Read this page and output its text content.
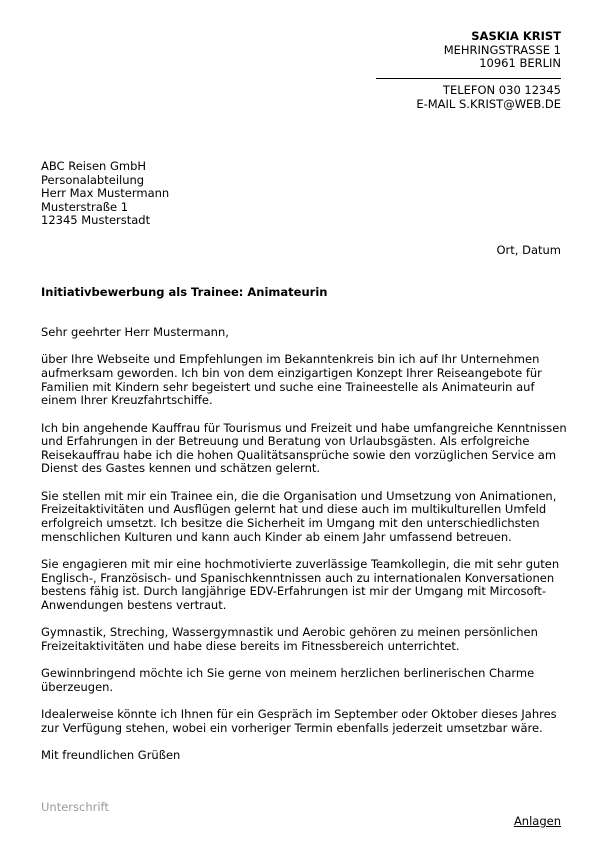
SASKIA KRIST
MEHRINGSTRASSE 1
10961 BERLIN
TELEFON 030 12345
E-MAIL S.KRIST@WEB.DE
ABC Reisen GmbH
Personalabteilung
Herr Max Mustermann
Musterstraße 1
12345 Musterstadt
Ort, Datum
Initiativbewerbung als Trainee: Animateurin

Sehr geehrter Herr Mustermann,

über Ihre Webseite und Empfehlungen im Bekanntenkreis bin ich auf Ihr Unternehmen aufmerksam geworden. Ich bin von dem einzigartigen Konzept Ihrer Reiseangebote für Familien mit Kindern sehr begeistert und suche eine Traineestelle als Animateurin auf einem Ihrer Kreuzfahrtschiffe.

Ich bin angehende Kauffrau für Tourismus und Freizeit und habe umfangreiche Kenntnissen und Erfahrungen in der Betreuung und Beratung von Urlaubsgästen. Als erfolgreiche Reisekauffrau habe ich die hohen Qualitätsansprüche sowie den vorzüglichen Service am Dienst des Gastes kennen und schätzen gelernt.

Sie stellen mit mir ein Trainee ein, die die Organisation und Umsetzung von Animationen, Freizeitaktivitäten und Ausflügen gelernt hat und diese auch im multikulturellen Umfeld erfolgreich umsetzt. Ich besitze die Sicherheit im Umgang mit den unterschiedlichsten menschlichen Kulturen und kann auch Kinder ab einem Jahr umfassend betreuen.

Sie engagieren mit mir eine hochmotivierte zuverlässige Teamkollegin, die mit sehr guten Englisch-, Französisch- und Spanischkenntnissen auch zu internationalen Konversationen bestens fähig ist. Durch langjährige EDV-Erfahrungen ist mir der Umgang mit Mircosoft-Anwendungen bestens vertraut.

Gymnastik, Streching, Wassergymnastik und Aerobic gehören zu meinen persönlichen Freizeitaktivitäten und habe diese bereits im Fitnessbereich unterrichtet.

Gewinnbringend möchte ich Sie gerne von meinem herzlichen berlinerischen Charme überzeugen.

Idealerweise könnte ich Ihnen für ein Gespräch im September oder Oktober dieses Jahres zur Verfügung stehen, wobei ein vorheriger Termin ebenfalls jederzeit umsetzbar wäre.

Mit freundlichen Grüßen

Unterschrift
Anlagen
